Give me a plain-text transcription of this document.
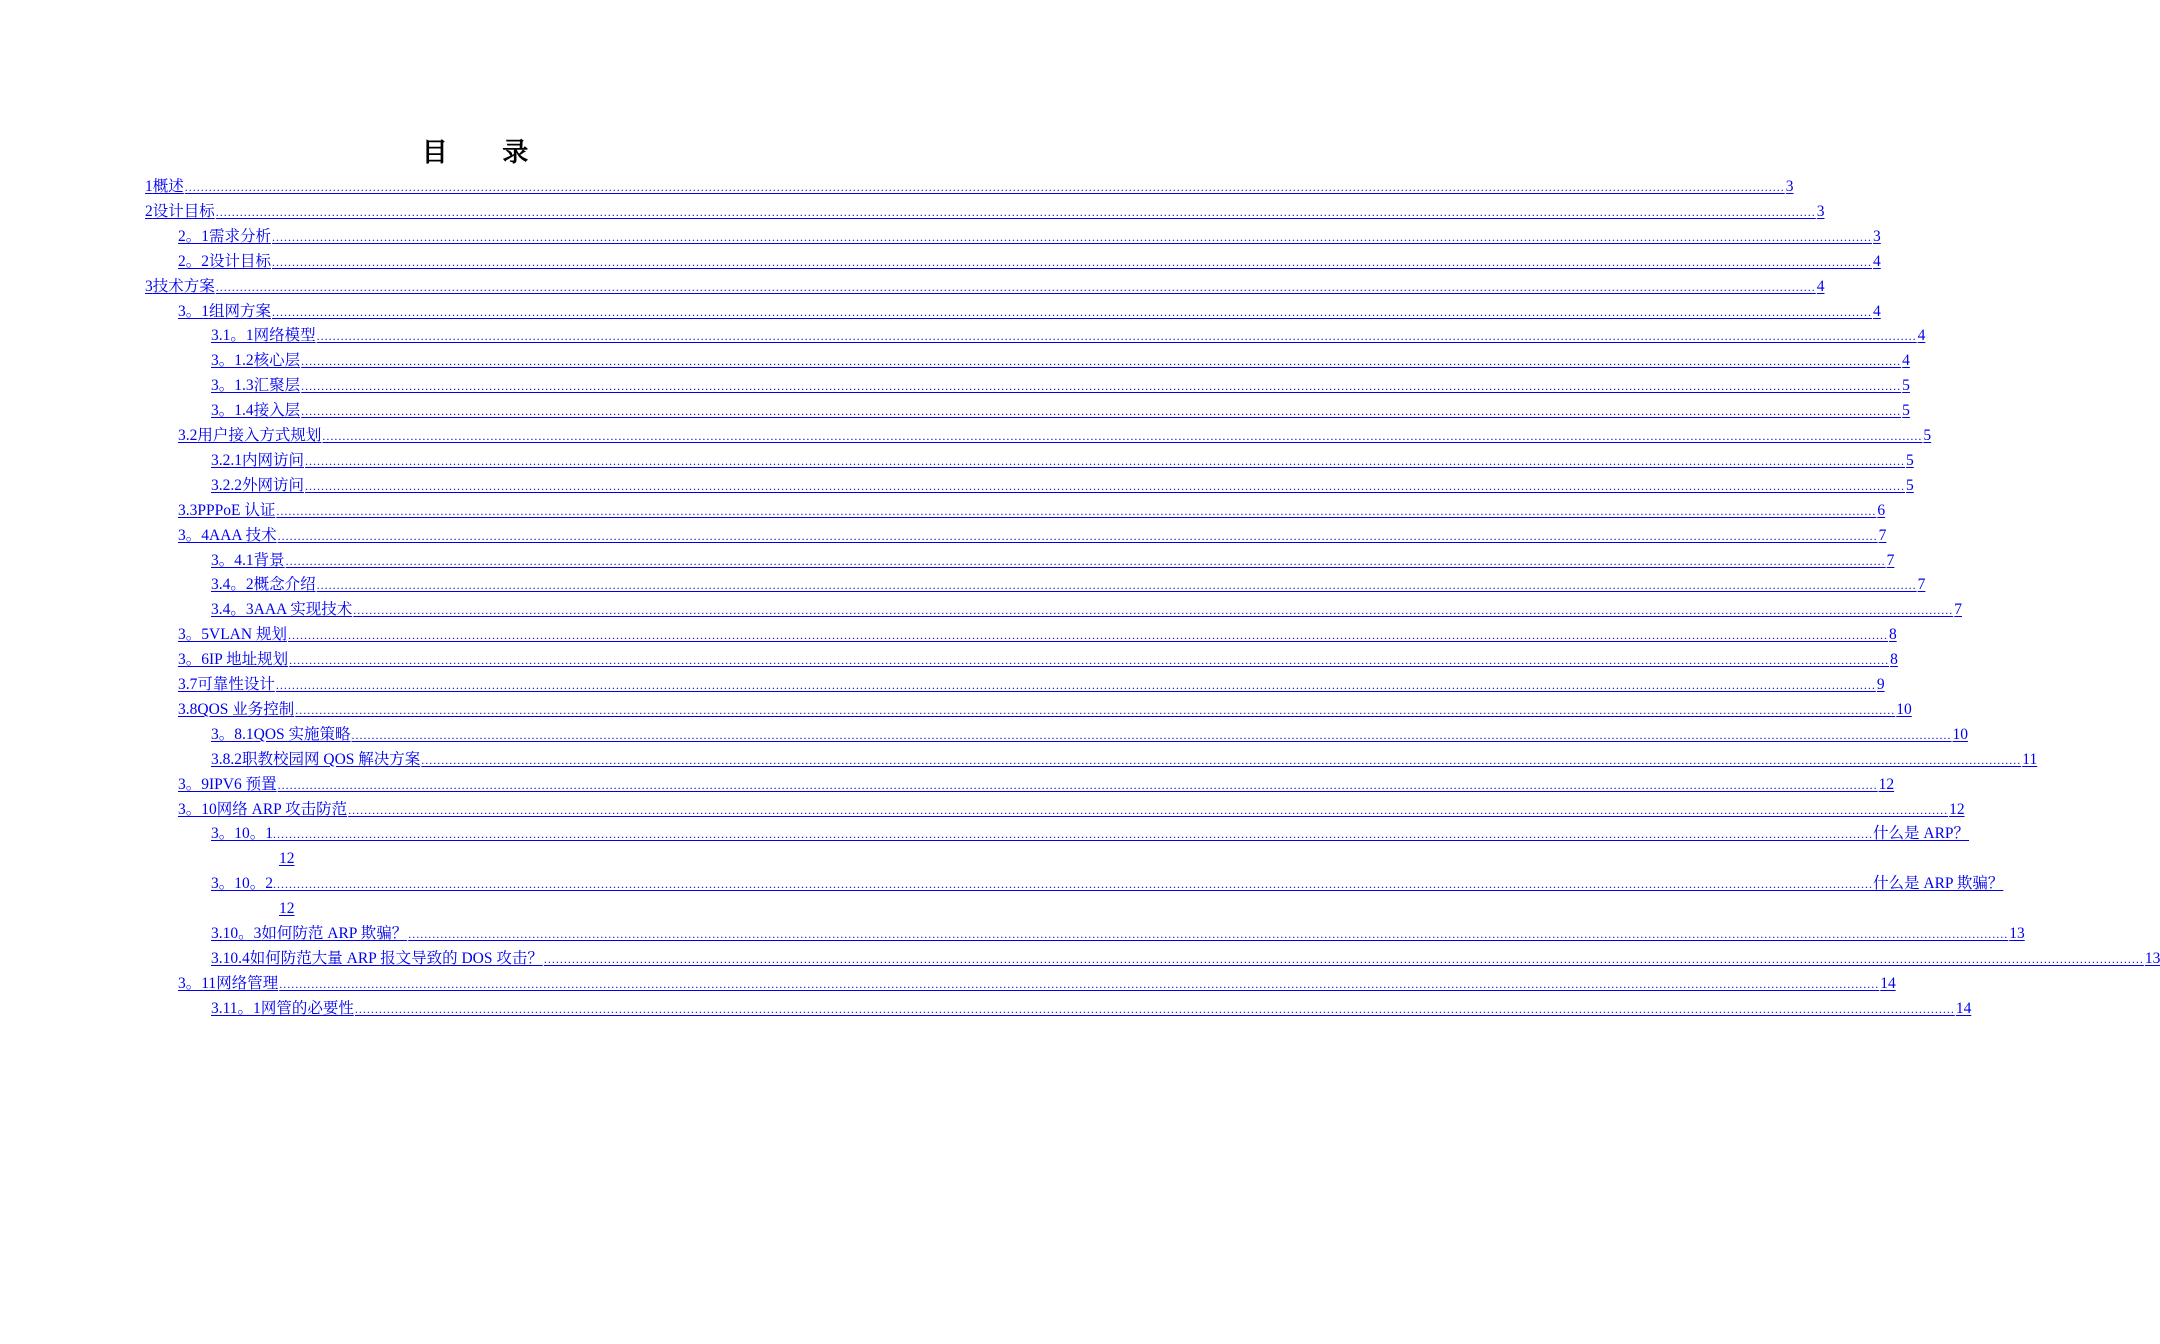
目 录
1 概述 ................................................................................................................................................................................................................................................................................................................................................................................................................ 3
2 设计目标 ................................................................................................................................................................................................................................................................................................................................................................................................................ 3
2。1 需求分析 ................................................................................................................................................................................................................................................................................................................................................................................................................ 3
2。2 设计目标 ................................................................................................................................................................................................................................................................................................................................................................................................................ 4
3 技术方案 ................................................................................................................................................................................................................................................................................................................................................................................................................ 4
3。1 组网方案 ................................................................................................................................................................................................................................................................................................................................................................................................................ 4
3.1。1 网络模型 ................................................................................................................................................................................................................................................................................................................................................................................................................ 4
3。1.2 核心层 ................................................................................................................................................................................................................................................................................................................................................................................................................ 4
3。1.3 汇聚层 ................................................................................................................................................................................................................................................................................................................................................................................................................ 5
3。1.4 接入层 ................................................................................................................................................................................................................................................................................................................................................................................................................ 5
3.2 用户接入方式规划 ................................................................................................................................................................................................................................................................................................................................................................................................................ 5
3.2.1 内网访问 ................................................................................................................................................................................................................................................................................................................................................................................................................ 5
3.2.2 外网访问 ................................................................................................................................................................................................................................................................................................................................................................................................................ 5
3.3 PPPoE 认证 ................................................................................................................................................................................................................................................................................................................................................................................................................ 6
3。4 AAA 技术 ................................................................................................................................................................................................................................................................................................................................................................................................................ 7
3。4.1 背景 ................................................................................................................................................................................................................................................................................................................................................................................................................ 7
3.4。2 概念介绍 ................................................................................................................................................................................................................................................................................................................................................................................................................ 7
3.4。3 AAA 实现技术 ................................................................................................................................................................................................................................................................................................................................................................................................................ 7
3。5 VLAN 规划 ................................................................................................................................................................................................................................................................................................................................................................................................................ 8
3。6 IP 地址规划 ................................................................................................................................................................................................................................................................................................................................................................................................................ 8
3.7 可靠性设计 ................................................................................................................................................................................................................................................................................................................................................................................................................ 9
3.8 QOS 业务控制 ................................................................................................................................................................................................................................................................................................................................................................................................................ 10
3。8.1 QOS 实施策略 ................................................................................................................................................................................................................................................................................................................................................................................................................ 10
3.8.2 职教校园网 QOS 解决方案 ................................................................................................................................................................................................................................................................................................................................................................................................................ 11
3。9 IPV6 预置 ................................................................................................................................................................................................................................................................................................................................................................................................................ 12
3。10 网络 ARP 攻击防范 ................................................................................................................................................................................................................................................................................................................................................................................................................ 12
3。10。1 ................................................................................................................................................................................................................................................................................................................................................................................................................ 什么是 ARP？
12
3。10。2 ................................................................................................................................................................................................................................................................................................................................................................................................................ 什么是 ARP 欺骗？
12
3.10。3 如何防范 ARP 欺骗？ ................................................................................................................................................................................................................................................................................................................................................................................................................ 13
3.10.4 如何防范大量 ARP 报文导致的 DOS 攻击？ ................................................................................................................................................................................................................................................................................................................................................................................................................ 13
3。11 网络管理 ................................................................................................................................................................................................................................................................................................................................................................................................................ 14
3.11。1 网管的必要性 ................................................................................................................................................................................................................................................................................................................................................................................................................ 14
